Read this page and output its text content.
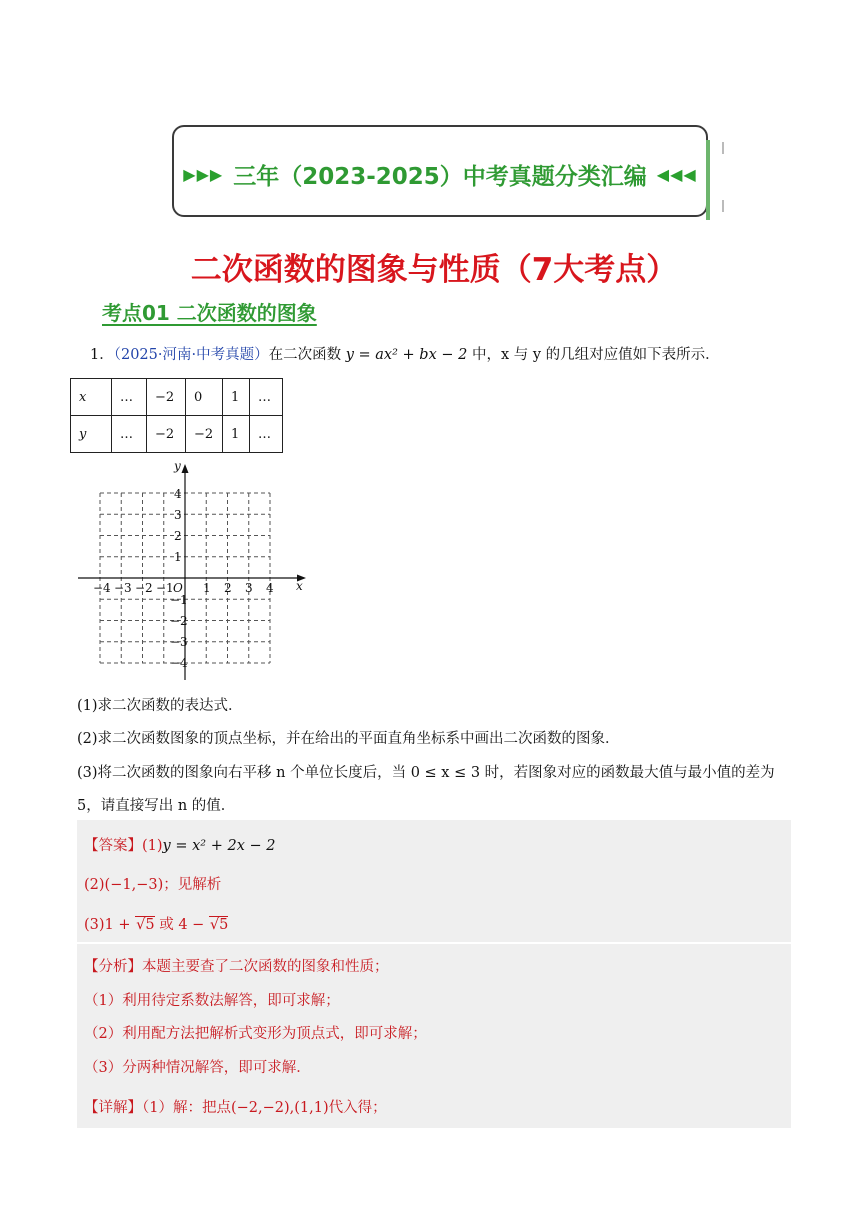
▶▶▶ 三年（2023-2025）中考真题分类汇编 ◀◀◀
二次函数的图象与性质（7大考点）
考点01 二次函数的图象
1．（2025·河南·中考真题）在二次函数 y = ax² + bx − 2 中，x 与 y 的几组对应值如下表所示．
x	…	−2	0	1	…
y	…	−2	−2	1	…
y
x
O
−4 −3 −2 −1 1 2 3 4
4
3
2
1
−1
−2
−3
−4
(1)求二次函数的表达式．
(2)求二次函数图象的顶点坐标，并在给出的平面直角坐标系中画出二次函数的图象．
(3)将二次函数的图象向右平移 n 个单位长度后，当 0 ≤ x ≤ 3 时，若图象对应的函数最大值与最小值的差为
5，请直接写出 n 的值．
【答案】(1)y = x² + 2x − 2
(2)(−1,−3)；见解析
(3)1 + √5 或 4 − √5
【分析】本题主要查了二次函数的图象和性质；
（1）利用待定系数法解答，即可求解；
（2）利用配方法把解析式变形为顶点式，即可求解；
（3）分两种情况解答，即可求解．
【详解】（1）解：把点(−2,−2),(1,1)代入得；
